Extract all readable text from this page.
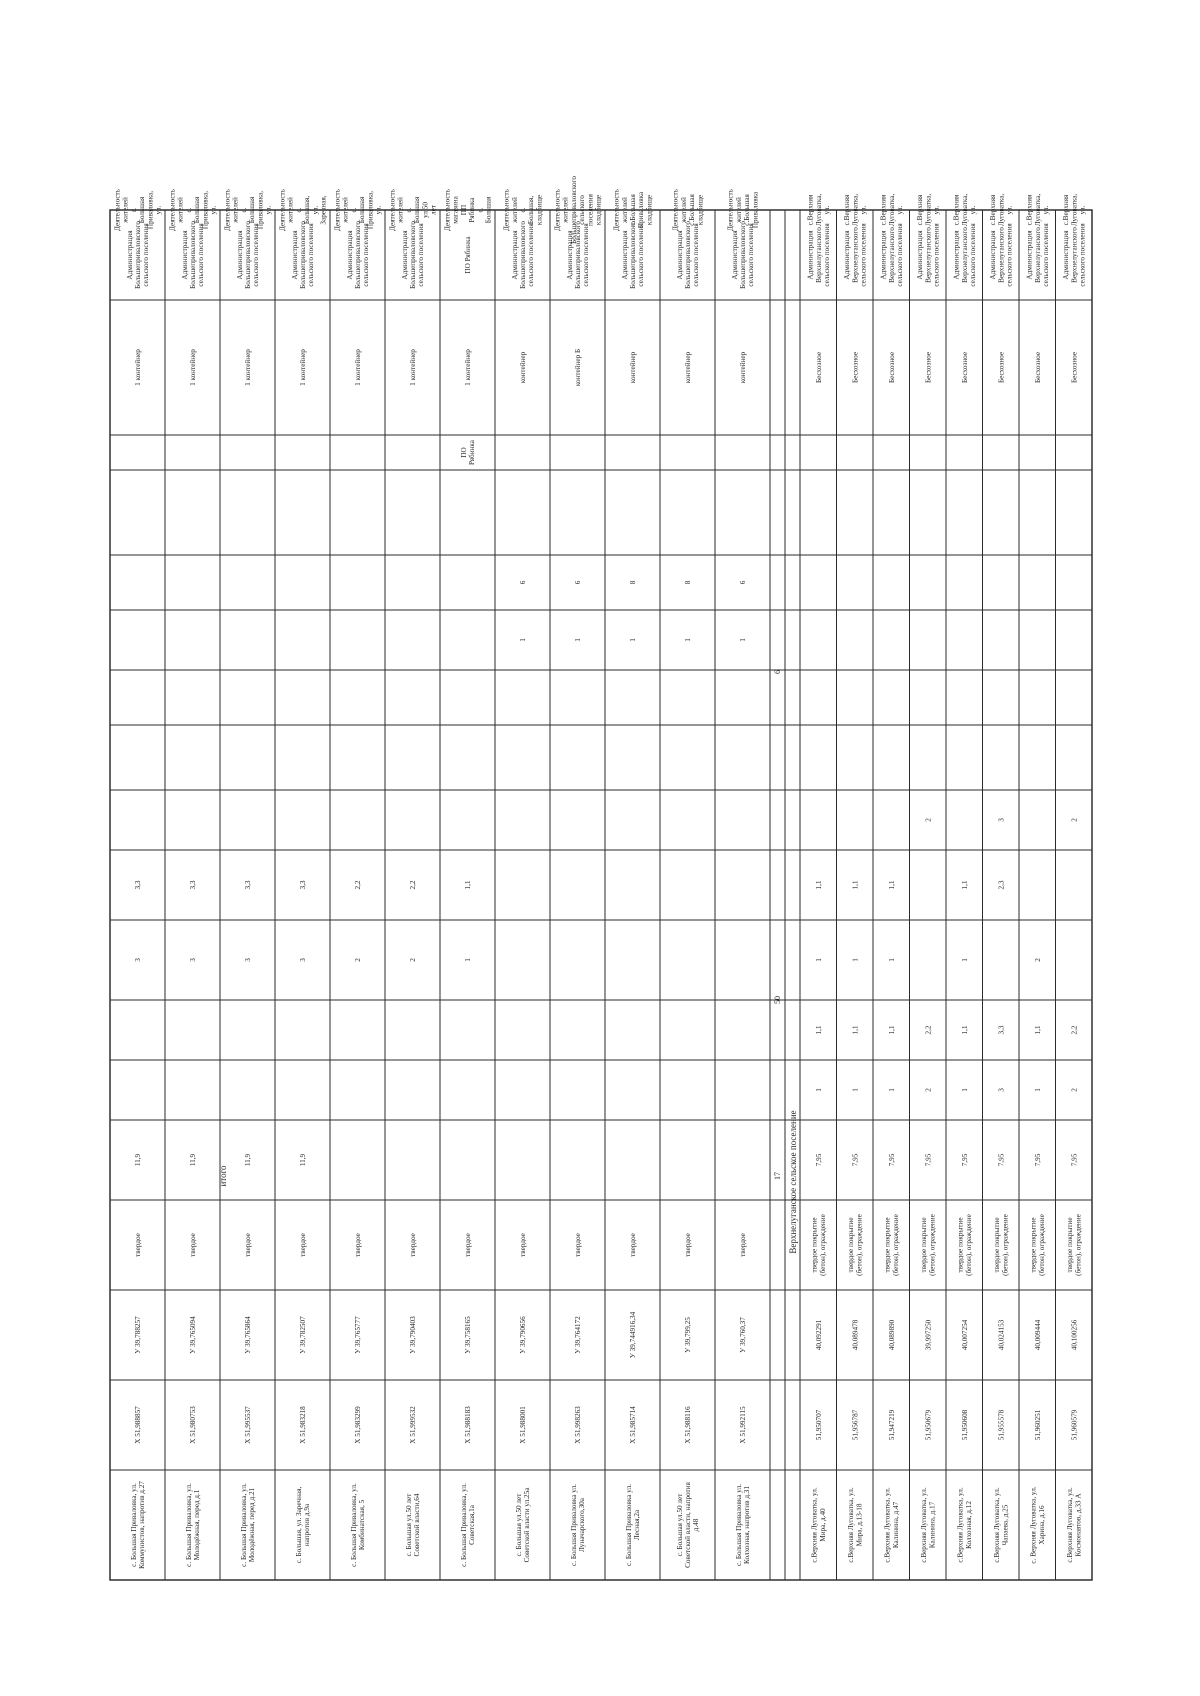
с. Большая Приваловка, ул.Коммунистов, напротив д.27
Х 51,988857
У 39,788257
твердое
11,9
3
3,3
1 контейнер
АдминистрацияБольшеприваловскогосельского поселения
Деятельностьжителейг.БольшаяПриваловка,ул.
с. Большая Приваловка, ул.Молодёжная, перед д.1
Х 51,980753
У 39,765094
твердое
11,9
3
3,3
1 контейнер
АдминистрацияБольшеприваловскогосельского поселения
Деятельностьжителейс.БольшаяПриваловка,ул.
с. Большая Приваловка, ул.Молодёжная, перед д.21
Х 51,995537
У 39,765864
твердое
11,9
3
3,3
1 контейнер
АдминистрацияБольшеприваловскогосельского поселения
Деятельностьжителейс.БольшаяПриваловка,ул.
с. Большая, ул. Заречная,напротив д.9а
Х 51,983218
У 39,782507
твердое
11,9
3
3,3
1 контейнер
АдминистрацияБольшеприваловскогосельского поселения
Деятельностьжителейс.Большая,ул.Заречная,
с. Большая Приваловка, ул.Комбинатская, 5
Х 51,983299
У 39,765777
твердое
2
2,2
1 контейнер
АдминистрацияБольшеприваловскогосельского поселения
Деятельностьжителейс.БольшаяПриваловка,ул.
с. Большая ул.50 летСоветской власти,64
Х 51,999532
У 39,790403
твердое
2
2,2
1 контейнер
АдминистрацияБольшеприваловскогосельского поселения
Деятельностьжителейс.Большаяул.50лет
с. Большая Приваловка, ул.Советская,1а
Х 51,988183
У 39,758165
твердое
1
1,1
ПОРябинка
1 контейнер
ПО Рябинка
ДеятельностьмагазинаППРябинкас.Большая
с. Большая ул.50 летСоветской власти ул.25а
Х 51,988001
У 39,790656
твердое
1
6
контейнер
АдминистрацияБольшеприваловскогосельского поселения
Деятельностьжителейс.Большая,кладбище
с. Большая Приваловка ул.Луначарского,30а
Х 51,998263
У 39,764172
твердое
1
6
контейнер Б
АдминистрацияБольшеприваловскогосельского поселения
ДеятельностьжителейБольшеприваловскогосельскогопоселениякладбище
с. Большая Приваловка ул.Лесная,2а
Х 51,985714
У 39,744916,34
твердое
1
8
контейнер
АдминистрацияБольшеприваловскогосельского поселения
Деятельностьжителейс.БольшаяПриваловкакладбище
с. Большая ул.50 летСоветской власти, напротивд.48
Х 51,988116
У 39,799,25
твердое
1
8
контейнер
АдминистрацияБольшеприваловскогосельского поселения
Деятельностьжителейс.Большаякладбище
с. Большая Приваловка ул.Колхозная, напротив д.31
Х 51,992115
У 39,760,37
твердое
1
6
контейнер
АдминистрацияБольшеприваловскогосельского поселения
Деятельностьжителейс.БольшаяПриваловка
с.Верхняя Луговатка, ул.Мира, д.40
51,950707
40,092291
твердое покрытие(бетон), ограждение
7,95
1
1,1
1
1,1
Бесхозное
АдминистрацияВерхнелуганскогосельского поселения
с.ВерхняяЛуговатка,ул.
с.Верхняя Луговатка, ул.Мира, д.13-18
51,956787
40,089478
твердое покрытие(бетон), ограждение
7,95
1
1,1
1
1,1
Бесхозное
АдминистрацияВерхнелуганскогосельского поселения
с.ВерхняяЛуговатка,ул.
с.Верхняя Луговатка, ул.Калинина, д.47
51,947219
40,089890
твердое покрытие(бетон), ограждение
7,95
1
1,1
1
1,1
Бесхозное
АдминистрацияВерхнелуганскогосельского поселения
с.ВерхняяЛуговатка,ул.
с.Верхняя Луговатка, ул.Калинина, д.17
51,950679
39,997250
твердое покрытие(бетон), ограждение
7,95
2
2,2
2
Бесхозное
АдминистрацияВерхнелуганскогосельского поселения
с.ВерхняяЛуговатка,ул.
с.Верхняя Луговатка, ул.Колхозная, д.12
51,950608
40,007254
твердое покрытие(бетон), ограждение
7,95
1
1,1
1
1,1
Бесхозное
АдминистрацияВерхнелуганскогосельского поселения
с.ВерхняяЛуговатка,ул.
с.Верхняя Луговатка, ул.Чапаева, д.25
51,955578
40,024153
твердое покрытие(бетон), ограждение
7,95
3
3,3
2,3
3
Бесхозное
АдминистрацияВерхнелуганскогосельского поселения
с.ВерхняяЛуговатка,ул.
с. Верхняя Луговатка, ул.Харина, д.16
51,960251
40,009444
твердое покрытие(бетон), ограждение
7,95
1
1,1
2
Бесхозное
АдминистрацияВерхнелуганскогосельского поселения
с.ВерхняяЛуговатка,ул.
с.Верхняя Луговатка, ул.Космонавтов, д.33 А
51,960579
40,100256
твердое покрытие(бетон), ограждение
7,95
2
2,2
2
Бесхозное
АдминистрацияВерхнелуганскогосельского поселения
с.ВерхняяЛуговатка,ул.
итого	Верхнелуганское сельское поселение
17
50
6
